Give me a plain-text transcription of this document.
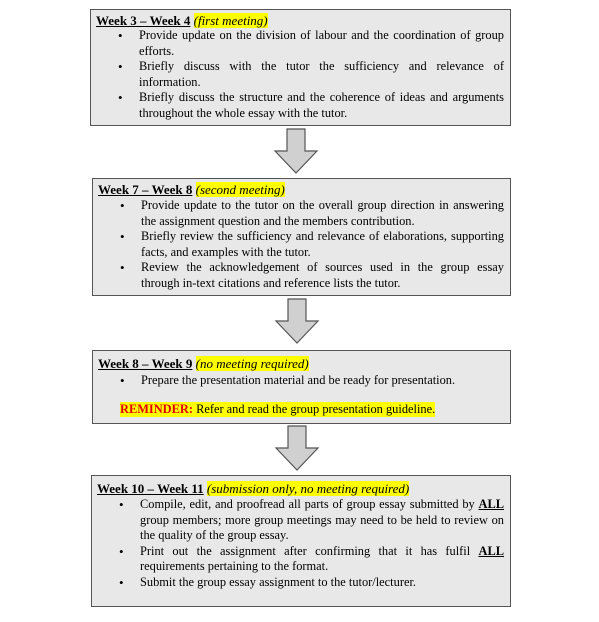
Week 3 – Week 4 (first meeting)
• Provide update on the division of labour and the coordination of group efforts.
• Briefly discuss with the tutor the sufficiency and relevance of information.
• Briefly discuss the structure and the coherence of ideas and arguments throughout the whole essay with the tutor.
Week 7 – Week 8 (second meeting)
• Provide update to the tutor on the overall group direction in answering the assignment question and the members contribution.
• Briefly review the sufficiency and relevance of elaborations, supporting facts, and examples with the tutor.
• Review the acknowledgement of sources used in the group essay through in-text citations and reference lists the tutor.
Week 8 – Week 9 (no meeting required)
• Prepare the presentation material and be ready for presentation.
REMINDER: Refer and read the group presentation guideline.
Week 10 – Week 11 (submission only, no meeting required)
• Compile, edit, and proofread all parts of group essay submitted by ALL group members; more group meetings may need to be held to review on the quality of the group essay.
• Print out the assignment after confirming that it has fulfil ALL requirements pertaining to the format.
• Submit the group essay assignment to the tutor/lecturer.
